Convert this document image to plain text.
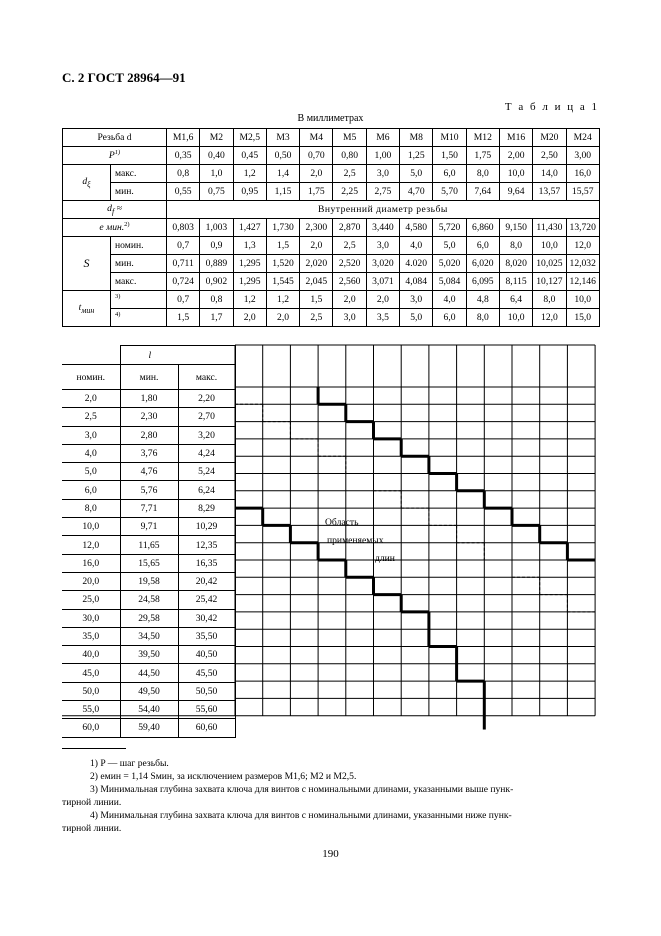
С. 2 ГОСТ 28964—91
Т а б л и ц а 1
В миллиметрах
Резьба d		M1,6	M2	M2,5	M3	M4	M5	M6	M8	M10	M12	M16	M20	M24
$P^{1)}$		0,35	0,40	0,45	0,50	0,70	0,80	1,00	1,25	1,50	1,75	2,00	2,50	3,00
$d_\xi$	макс.	0,8	1,0	1,2	1,4	2,0	2,5	3,0	5,0	6,0	8,0	10,0	14,0	16,0
	мин.	0,55	0,75	0,95	1,15	1,75	2,25	2,75	4,70	5,70	7,64	9,64	13,57	15,57
$d_f$ ≈		Внутренний диаметр резьбы												
e мин.$^{2)}$		0,803	1,003	1,427	1,730	2,300	2,870	3,440	4,580	5,720	6,860	9,150	11,430	13,720
S	номин.	0,7	0,9	1,3	1,5	2,0	2,5	3,0	4,0	5,0	6,0	8,0	10,0	12,0
	мин.	0,711	0,889	1,295	1,520	2,020	2,520	3,020	4.020	5,020	6,020	8,020	10,025	12,032
	макс.	0,724	0,902	1,295	1,545	2,045	2,560	3,071	4,084	5,084	6,095	8,115	10,127	12,146
$t_{мин}$	$^{3)}$	0,7	0,8	1,2	1,2	1,5	2,0	2,0	3,0	4,0	4,8	6,4	8,0	10,0
	$^{4)}$	1,5	1,7	2,0	2,0	2,5	3,0	3,5	5,0	6,0	8,0	10,0	12,0	15,0
	l	
номин.	мин.	макс.
2,0	1,80	2,20
2,5	2,30	2,70
3,0	2,80	3,20
4,0	3,76	4,24
5,0	4,76	5,24
6,0	5,76	6,24
8,0	7,71	8,29
10,0	9,71	10,29
12,0	11,65	12,35
16,0	15,65	16,35
20,0	19,58	20,42
25,0	24,58	25,42
30,0	29,58	30,42
35,0	34,50	35,50
40,0	39,50	40,50
45,0	44,50	45,50
50,0	49,50	50,50
55,0	54,40	55,60
60,0	59,40	60,60
Область
применяемых
длин
1) P — шаг резьбы.
2) eмин = 1,14 Sмин, за исключением размеров M1,6; M2 и M2,5.
3) Минимальная глубина захвата ключа для винтов с номинальными длинами, указанными выше пунк-
тирной линии.
4) Минимальная глубина захвата ключа для винтов с номинальными длинами, указанными ниже пунк-
тирной линии.
190
